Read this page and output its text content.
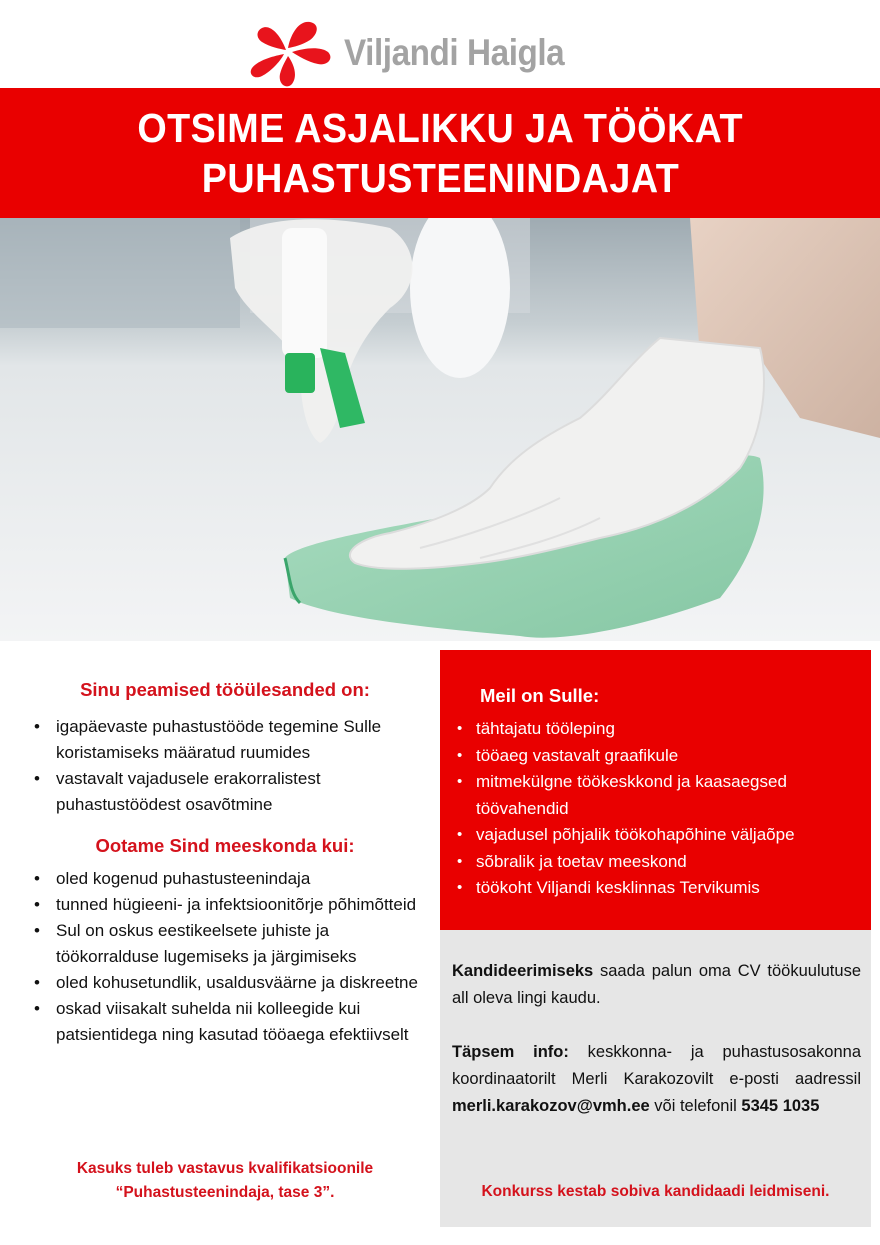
Viljandi Haigla
OTSIME ASJALIKKU JA TÖÖKAT
PUHASTUSTEENINDAJAT
Sinu peamised tööülesanded on:
• igapäevaste puhastustööde tegemine Sulle koristamiseks määratud ruumides
• vastavalt vajadusele erakorralistest puhastustöödest osavõtmine
Ootame Sind meeskonda kui:
• oled kogenud puhastusteenindaja
• tunned hügieeni- ja infektsioonitõrje põhimõtteid
• Sul on oskus eestikeelsete juhiste ja töökorralduse lugemiseks ja järgimiseks
• oled kohusetundlik, usaldusväärne ja diskreetne
• oskad viisakalt suhelda nii kolleegide kui patsientidega ning kasutad tööaega efektiivselt
Kasuks tuleb vastavus kvalifikatsioonile
“Puhastusteenindaja, tase 3”.
Meil on Sulle:
• tähtajatu tööleping
• tööaeg vastavalt graafikule
• mitmekülgne töökeskkond ja kaasaegsed töövahendid
• vajadusel põhjalik töökohapõhine väljaõpe
• sõbralik ja toetav meeskond
• töökoht Viljandi kesklinnas Tervikumis

Kandideerimiseks saada palun oma CV töökuulutuse all oleva lingi kaudu.

Täpsem info: keskkonna- ja puhastusosakonna koordinaatorilt Merli Karakozovilt e-posti aadressil merli.karakozov@vmh.ee või telefonil 5345 1035

Konkurss kestab sobiva kandidaadi leidmiseni.
